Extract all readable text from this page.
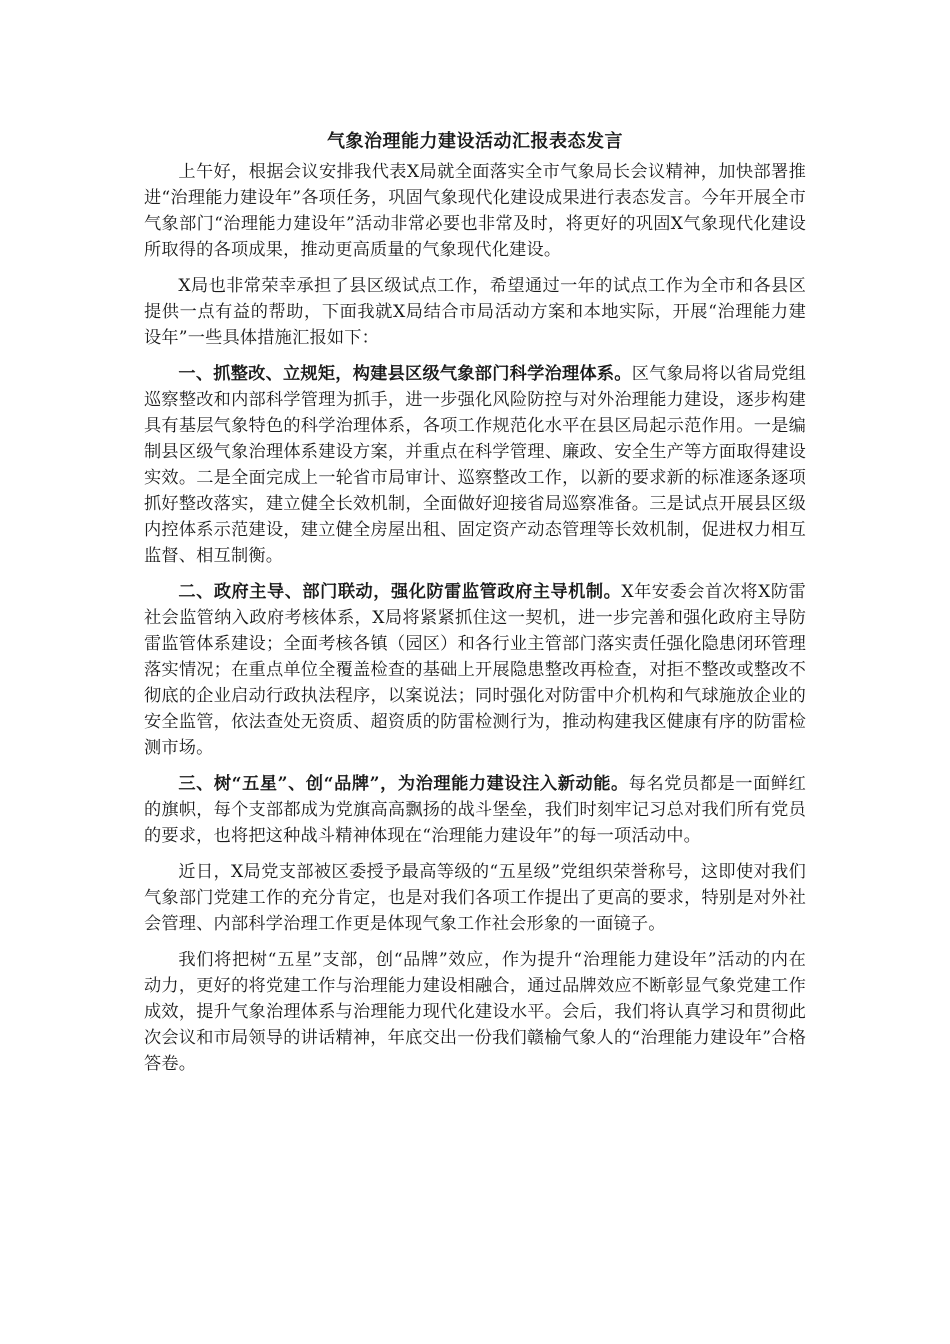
气象治理能力建设活动汇报表态发言

上午好，根据会议安排我代表X局就全面落实全市气象局长会议精神，加快部署推进“治理能力建设年”各项任务，巩固气象现代化建设成果进行表态发言。今年开展全市气象部门“治理能力建设年”活动非常必要也非常及时，将更好的巩固X气象现代化建设所取得的各项成果，推动更高质量的气象现代化建设。

X局也非常荣幸承担了县区级试点工作，希望通过一年的试点工作为全市和各县区提供一点有益的帮助，下面我就X局结合市局活动方案和本地实际，开展“治理能力建设年”一些具体措施汇报如下：

一、抓整改、立规矩，构建县区级气象部门科学治理体系。区气象局将以省局党组巡察整改和内部科学管理为抓手，进一步强化风险防控与对外治理能力建设，逐步构建具有基层气象特色的科学治理体系，各项工作规范化水平在县区局起示范作用。一是编制县区级气象治理体系建设方案，并重点在科学管理、廉政、安全生产等方面取得建设实效。二是全面完成上一轮省市局审计、巡察整改工作，以新的要求新的标准逐条逐项抓好整改落实，建立健全长效机制，全面做好迎接省局巡察准备。三是试点开展县区级内控体系示范建设，建立健全房屋出租、固定资产动态管理等长效机制，促进权力相互监督、相互制衡。

二、政府主导、部门联动，强化防雷监管政府主导机制。X年安委会首次将X防雷社会监管纳入政府考核体系，X局将紧紧抓住这一契机，进一步完善和强化政府主导防雷监管体系建设；全面考核各镇（园区）和各行业主管部门落实责任强化隐患闭环管理落实情况；在重点单位全覆盖检查的基础上开展隐患整改再检查，对拒不整改或整改不彻底的企业启动行政执法程序，以案说法；同时强化对防雷中介机构和气球施放企业的安全监管，依法查处无资质、超资质的防雷检测行为，推动构建我区健康有序的防雷检测市场。

三、树“五星”、创“品牌”，为治理能力建设注入新动能。每名党员都是一面鲜红的旗帜，每个支部都成为党旗高高飘扬的战斗堡垒，我们时刻牢记习总对我们所有党员的要求，也将把这种战斗精神体现在“治理能力建设年”的每一项活动中。

近日，X局党支部被区委授予最高等级的“五星级”党组织荣誉称号，这即使对我们气象部门党建工作的充分肯定，也是对我们各项工作提出了更高的要求，特别是对外社会管理、内部科学治理工作更是体现气象工作社会形象的一面镜子。

我们将把树“五星”支部，创“品牌”效应，作为提升“治理能力建设年”活动的内在动力，更好的将党建工作与治理能力建设相融合，通过品牌效应不断彰显气象党建工作成效，提升气象治理体系与治理能力现代化建设水平。会后，我们将认真学习和贯彻此次会议和市局领导的讲话精神，年底交出一份我们赣榆气象人的“治理能力建设年”合格答卷。
